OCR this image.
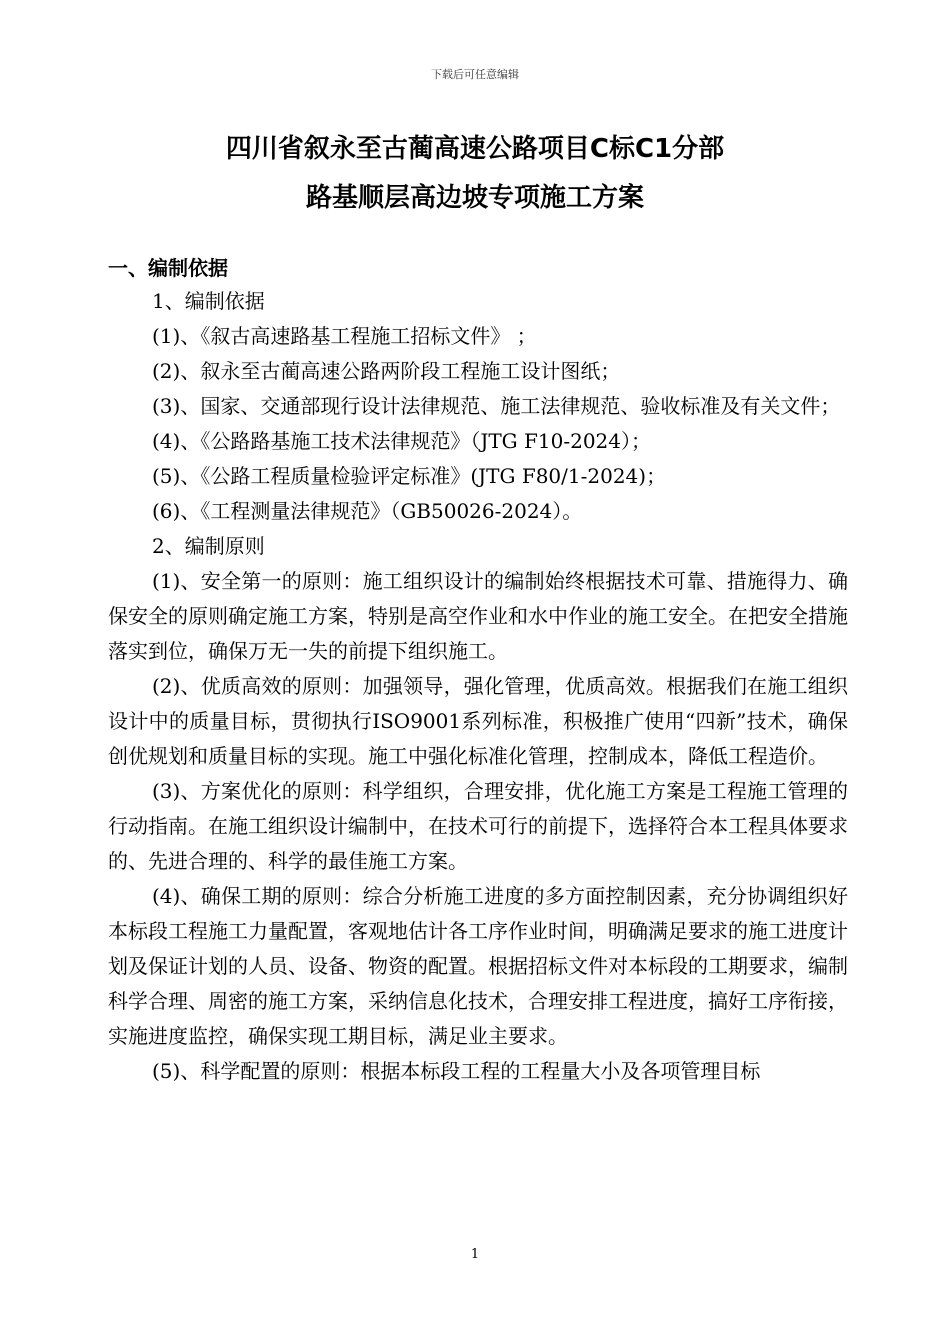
下载后可任意编辑
四川省叙永至古蔺高速公路项目C标C1分部
路基顺层高边坡专项施工方案
一、编制依据

1、编制依据

(1)、《叙古高速路基工程施工招标文件》 ；

(2)、叙永至古蔺高速公路两阶段工程施工设计图纸；

(3)、国家、交通部现行设计法律规范、施工法律规范、验收标准及有关文件；

(4)、《公路路基施工技术法律规范》（JTG F10-2024）；

(5)、《公路工程质量检验评定标准》(JTG F80/1-2024)；

(6)、《工程测量法律规范》（GB50026-2024）。

2、编制原则

(1)、安全第一的原则：施工组织设计的编制始终根据技术可靠、措施得力、确保安全的原则确定施工方案，特别是高空作业和水中作业的施工安全。在把安全措施落实到位，确保万无一失的前提下组织施工。

(2)、优质高效的原则：加强领导，强化管理，优质高效。根据我们在施工组织设计中的质量目标，贯彻执行ISO9001系列标准，积极推广使用“四新”技术，确保创优规划和质量目标的实现。施工中强化标准化管理，控制成本，降低工程造价。

(3)、方案优化的原则：科学组织，合理安排，优化施工方案是工程施工管理的行动指南。在施工组织设计编制中，在技术可行的前提下，选择符合本工程具体要求的、先进合理的、科学的最佳施工方案。

(4)、确保工期的原则：综合分析施工进度的多方面控制因素，充分协调组织好本标段工程施工力量配置，客观地估计各工序作业时间，明确满足要求的施工进度计划及保证计划的人员、设备、物资的配置。根据招标文件对本标段的工期要求，编制科学合理、周密的施工方案，采纳信息化技术，合理安排工程进度，搞好工序衔接，实施进度监控，确保实现工期目标，满足业主要求。

(5)、科学配置的原则：根据本标段工程的工程量大小及各项管理目标

1
